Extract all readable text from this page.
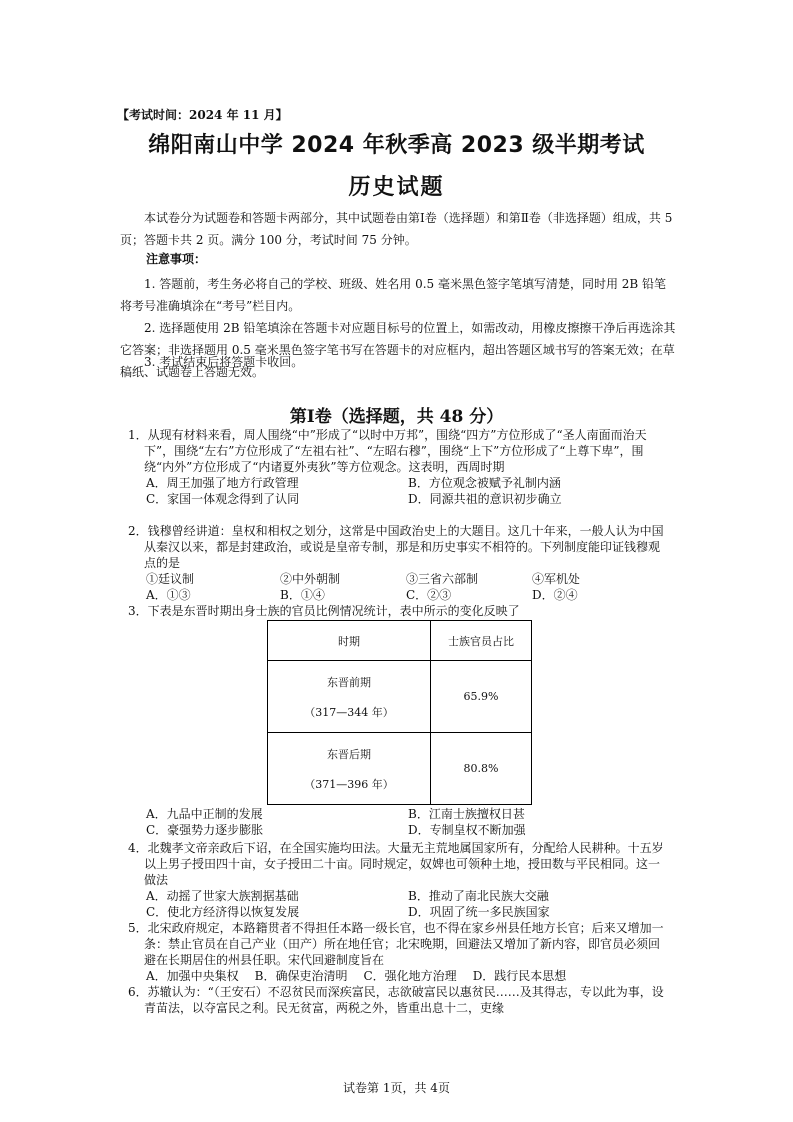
【考试时间：2024 年 11 月】
绵阳南山中学 2024 年秋季高 2023 级半期考试
历史试题
本试卷分为试题卷和答题卡两部分，其中试题卷由第Ⅰ卷（选择题）和第Ⅱ卷（非选择题）组成，共 5 页；答题卡共 2 页。满分 100 分，考试时间 75 分钟。
注意事项：
1. 答题前，考生务必将自己的学校、班级、姓名用 0.5 毫米黑色签字笔填写清楚，同时用 2B 铅笔将考号准确填涂在“考号”栏目内。
2. 选择题使用 2B 铅笔填涂在答题卡对应题目标号的位置上，如需改动，用橡皮擦擦干净后再选涂其它答案；非选择题用 0.5 毫米黑色签字笔书写在答题卡的对应框内，超出答题区域书写的答案无效；在草稿纸、试题卷上答题无效。
3. 考试结束后将答题卡收回。
第Ⅰ卷（选择题，共 48 分）
1．从现有材料来看，周人围绕“中”形成了“以时中万邦”，围绕“四方”方位形成了“圣人南面而治天下”，围绕“左右”方位形成了“左祖右社”、“左昭右穆”，围绕“上下”方位形成了“上尊下卑”，围绕“内外”方位形成了“内诸夏外夷狄”等方位观念。这表明，西周时期
A．周王加强了地方行政管理	B．方位观念被赋予礼制内涵
C．家国一体观念得到了认同	D．同源共祖的意识初步确立
2．钱穆曾经讲道：皇权和相权之划分，这常是中国政治史上的大题目。这几十年来，一般人认为中国从秦汉以来，都是封建政治，或说是皇帝专制，那是和历史事实不相符的。下列制度能印证钱穆观点的是
①廷议制	②中外朝制	③三省六部制	④军机处
A．①③	B．①④	C．②③	D．②④
3．下表是东晋时期出身士族的官员比例情况统计，表中所示的变化反映了
时期	士族官员占比

东晋前期
（317—344 年）	65.9%

东晋后期
（371—396 年）	80.8%
A．九品中正制的发展	B．江南士族擅权日甚
C．豪强势力逐步膨胀	D．专制皇权不断加强
4．北魏孝文帝亲政后下诏，在全国实施均田法。大量无主荒地属国家所有，分配给人民耕种。十五岁以上男子授田四十亩，女子授田二十亩。同时规定，奴婢也可领种土地，授田数与平民相同。这一做法
A．动摇了世家大族割据基础	B．推动了南北民族大交融
C．使北方经济得以恢复发展	D．巩固了统一多民族国家
5．北宋政府规定，本路籍贯者不得担任本路一级长官，也不得在家乡州县任地方长官；后来又增加一条：禁止官员在自己产业（田产）所在地任官；北宋晚期，回避法又增加了新内容，即官员必须回避在长期居住的州县任职。宋代回避制度旨在
A．加强中央集权 B．确保吏治清明 C．强化地方治理 D．践行民本思想
6．苏辙认为：“（王安石）不忍贫民而深疾富民，志欲破富民以惠贫民……及其得志，专以此为事，设青苗法，以夺富民之利。民无贫富，两税之外，皆重出息十二，吏缘
试卷第 1页，共 4页
